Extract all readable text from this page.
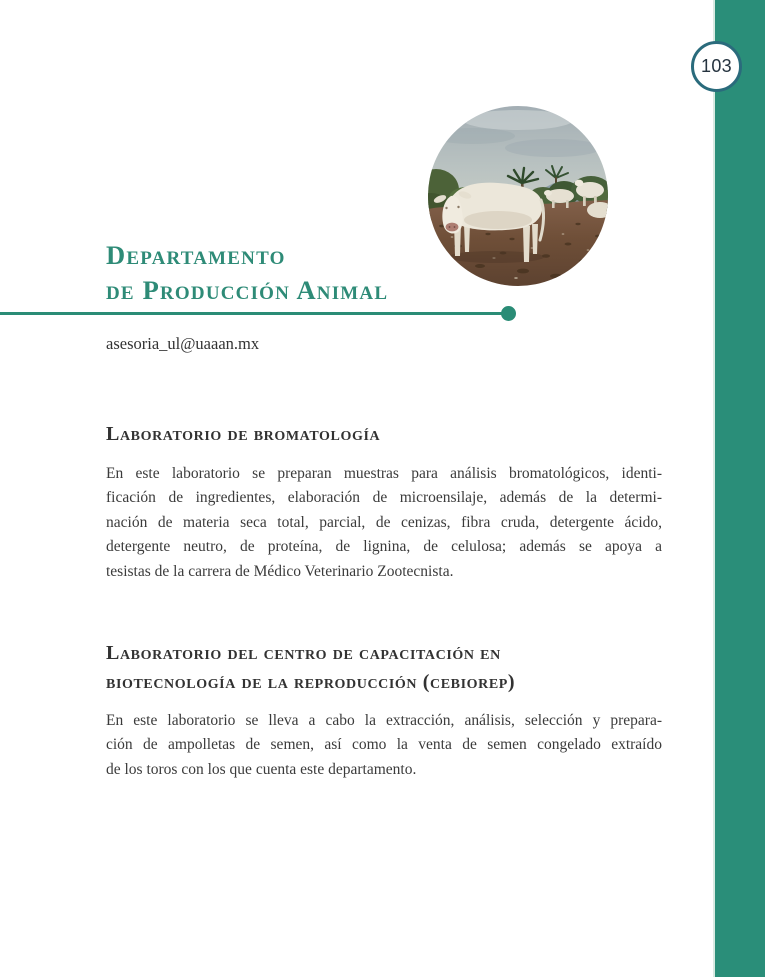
103
Departamento
de Producción Animal
asesoria_ul@uaaan.mx
Laboratorio de bromatología
En este laboratorio se preparan muestras para análisis bromatológicos, identi-
ficación de ingredientes, elaboración de microensilaje, además de la determi-
nación de materia seca total, parcial, de cenizas, fibra cruda, detergente ácido,
detergente neutro, de proteína, de lignina, de celulosa; además se apoya a
tesistas de la carrera de Médico Veterinario Zootecnista.
Laboratorio del centro de capacitación en
biotecnología de la reproducción (cebiorep)
En este laboratorio se lleva a cabo la extracción, análisis, selección y prepara-
ción de ampolletas de semen, así como la venta de semen congelado extraído
de los toros con los que cuenta este departamento.
